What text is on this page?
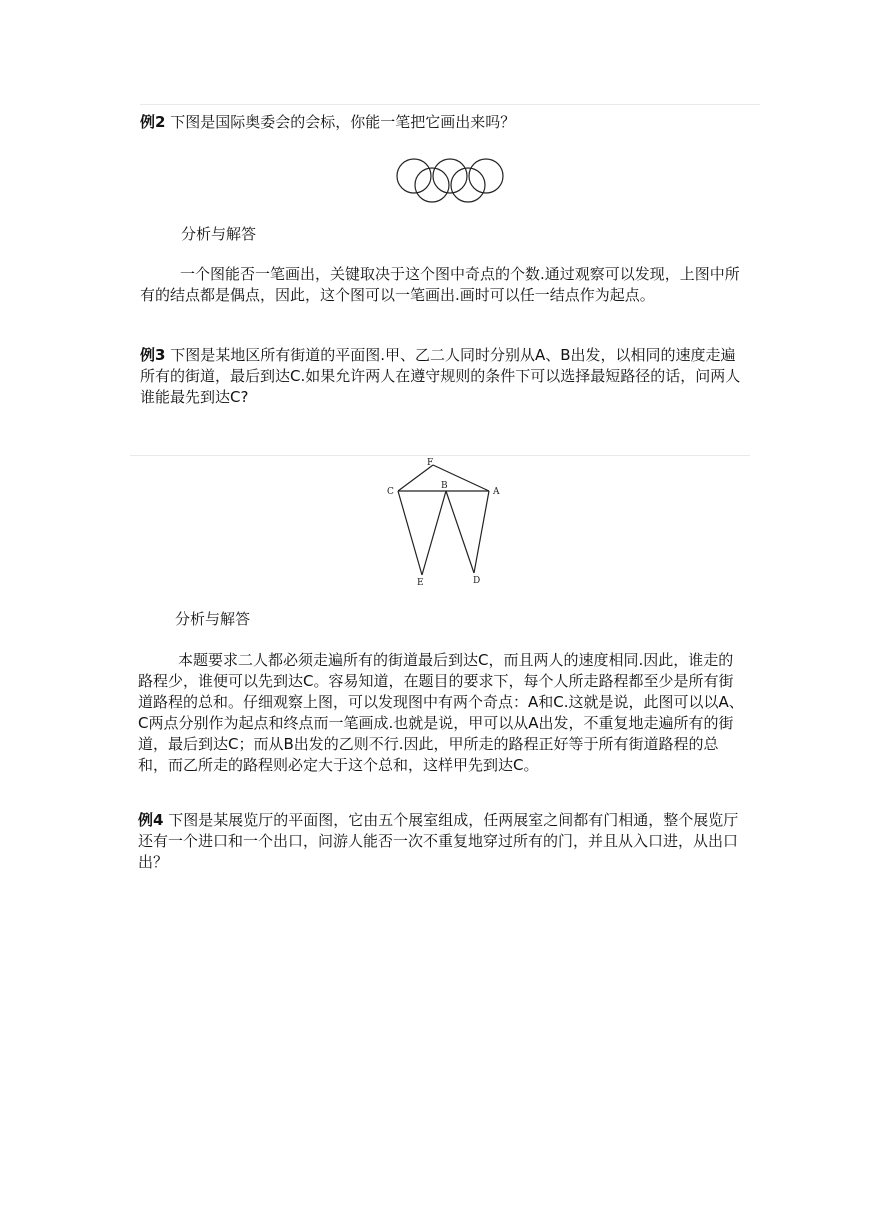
例2 下图是国际奥委会的会标，你能一笔把它画出来吗？

分析与解答

一个图能否一笔画出，关键取决于这个图中奇点的个数.通过观察可以发现，上图中所有的结点都是偶点，因此，这个图可以一笔画出.画时可以任一结点作为起点。

例3 下图是某地区所有街道的平面图.甲、乙二人同时分别从A、B出发，以相同的速度走遍所有的街道，最后到达C.如果允许两人在遵守规则的条件下可以选择最短路径的话，问两人谁能最先到达C?

F
C
B
A
E	D
分析与解答

本题要求二人都必须走遍所有的街道最后到达C，而且两人的速度相同.因此，谁走的路程少，谁便可以先到达C。容易知道，在题目的要求下，每个人所走路程都至少是所有街道路程的总和。仔细观察上图，可以发现图中有两个奇点：A和C.这就是说，此图可以以A、C两点分别作为起点和终点而一笔画成.也就是说，甲可以从A出发，不重复地走遍所有的街道，最后到达C；而从B出发的乙则不行.因此，甲所走的路程正好等于所有街道路程的总和，而乙所走的路程则必定大于这个总和，这样甲先到达C。

例4 下图是某展览厅的平面图，它由五个展室组成，任两展室之间都有门相通，整个展览厅还有一个进口和一个出口，问游人能否一次不重复地穿过所有的门，并且从入口进，从出口出？
